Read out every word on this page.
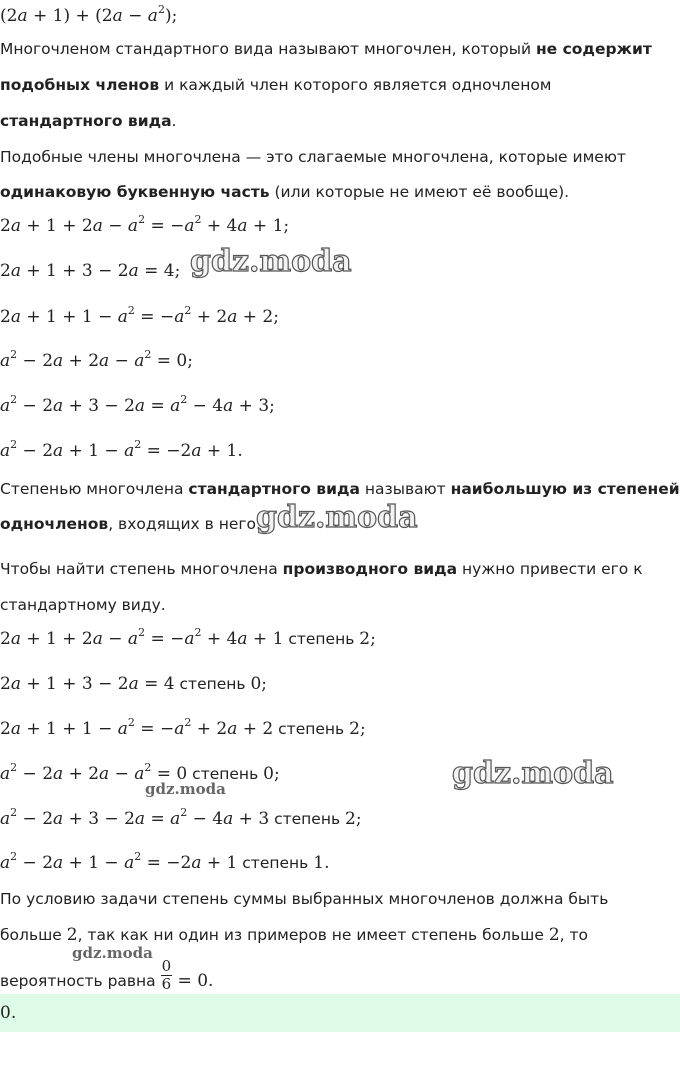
$(2a + 1) + (2a - a^2)$;
Многочленом стандартного вида называют многочлен, который не содержит
подобных членов и каждый член которого является одночленом
стандартного вида.
Подобные члены многочлена — это слагаемые многочлена, которые имеют
одинаковую буквенную часть (или которые не имеют её вообще).
$2a + 1 + 2a - a^2 = -a^2 + 4a + 1$;
2a + 1 + 3 − 2a = 4;
$2a + 1 + 1 - a^2 = -a^2 + 2a + 2$;
$a^2 - 2a + 2a - a^2 = 0$;
$a^2 - 2a + 3 - 2a = a^2 - 4a + 3$;
$a^2 - 2a + 1 - a^2 = -2a + 1$.
Степенью многочлена стандартного вида называют наибольшую из степеней
одночленов, входящих в него.
Чтобы найти степень многочлена производного вида нужно привести его к
стандартному виду.
$2a + 1 + 2a - a^2 = -a^2 + 4a + 1$ степень 2;
2a + 1 + 3 − 2a = 4 степень 0;
$2a + 1 + 1 - a^2 = -a^2 + 2a + 2$ степень 2;
$a^2 - 2a + 2a - a^2 = 0$ степень 0;
$a^2 - 2a + 3 - 2a = a^2 - 4a + 3$ степень 2;
$a^2 - 2a + 1 - a^2 = -2a + 1$ степень 1.
По условию задачи степень суммы выбранных многочленов должна быть
больше 2, так как ни один из примеров не имеет степень больше 2, то
вероятность равна $\frac{0}{6} = 0$.
0.
gdz.moda
gdz.moda
gdz.moda
gdz.moda
gdz.moda
